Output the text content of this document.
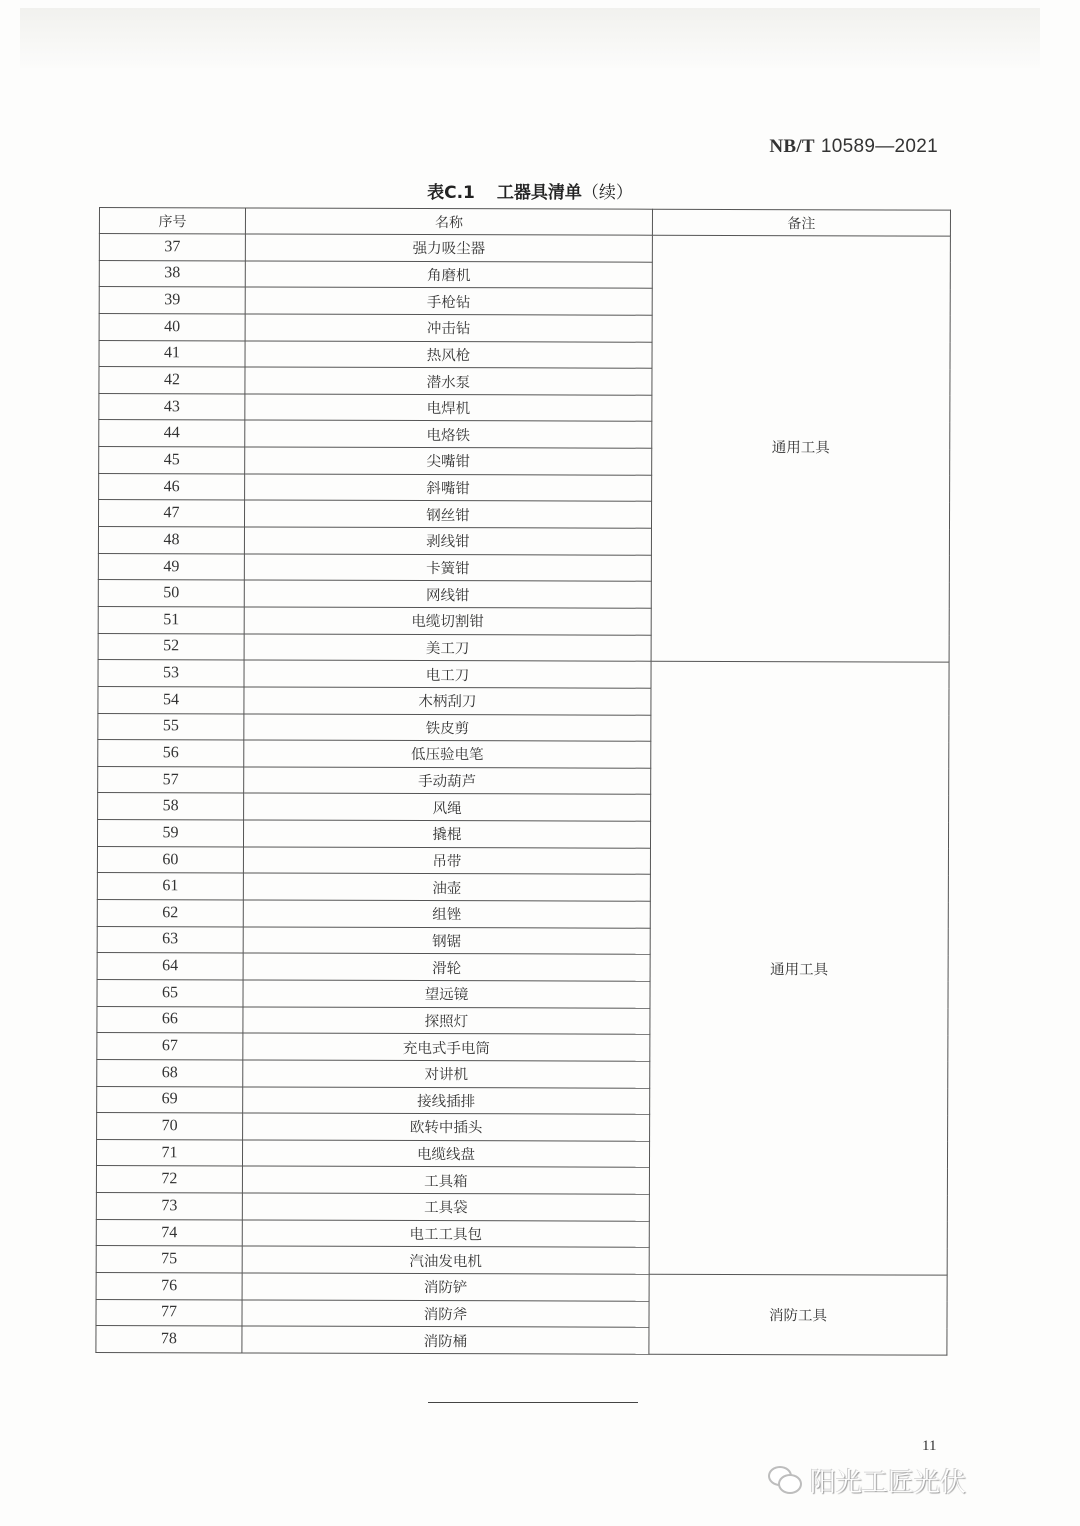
NB/T 10589—2021
表C.1 工器具清单（续）
序号	名称	备注
37	强力吸尘器	通用工具
38	角磨机	
39	手枪钻	
40	冲击钻	
41	热风枪	
42	潜水泵	
43	电焊机	
44	电烙铁	
45	尖嘴钳	
46	斜嘴钳	
47	钢丝钳	
48	剥线钳	
49	卡簧钳	
50	网线钳	
51	电缆切割钳	
52	美工刀	
53	电工刀	通用工具
54	木柄刮刀	
55	铁皮剪	
56	低压验电笔	
57	手动葫芦	
58	风绳	
59	撬棍	
60	吊带	
61	油壶	
62	组锉	
63	钢锯	
64	滑轮	
65	望远镜	
66	探照灯	
67	充电式手电筒	
68	对讲机	
69	接线插排	
70	欧转中插头	
71	电缆线盘	
72	工具箱	
73	工具袋	
74	电工工具包	
75	汽油发电机	
76	消防铲	消防工具
77	消防斧	
78	消防桶	
11
阳光工匠光伏
